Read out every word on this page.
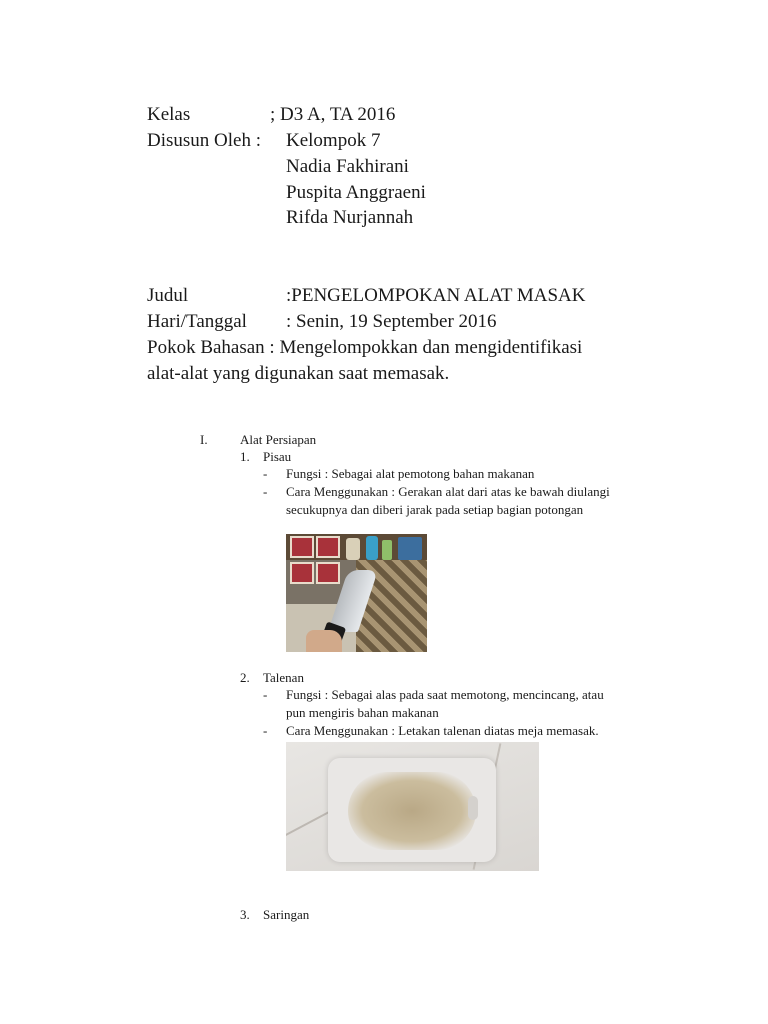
Kelas	; D3 A, TA 2016
Disusun Oleh : Kelompok 7
Nadia Fakhirani
Puspita Anggraeni
Rifda Nurjannah
Judul	:PENGELOMPOKAN ALAT MASAK
Hari/Tanggal : Senin, 19 September 2016
Pokok Bahasan : Mengelompokkan dan mengidentifikasi
alat-alat yang digunakan saat memasak.
I. Alat Persiapan
1. Pisau
- Fungsi : Sebagai alat pemotong bahan makanan
- Cara Menggunakan : Gerakan alat dari atas ke bawah diulangi
secukupnya dan diberi jarak pada setiap bagian potongan
2. Talenan
- Fungsi : Sebagai alas pada saat memotong, mencincang, atau
pun mengiris bahan makanan
- Cara Menggunakan : Letakan talenan diatas meja memasak.
3. Saringan
